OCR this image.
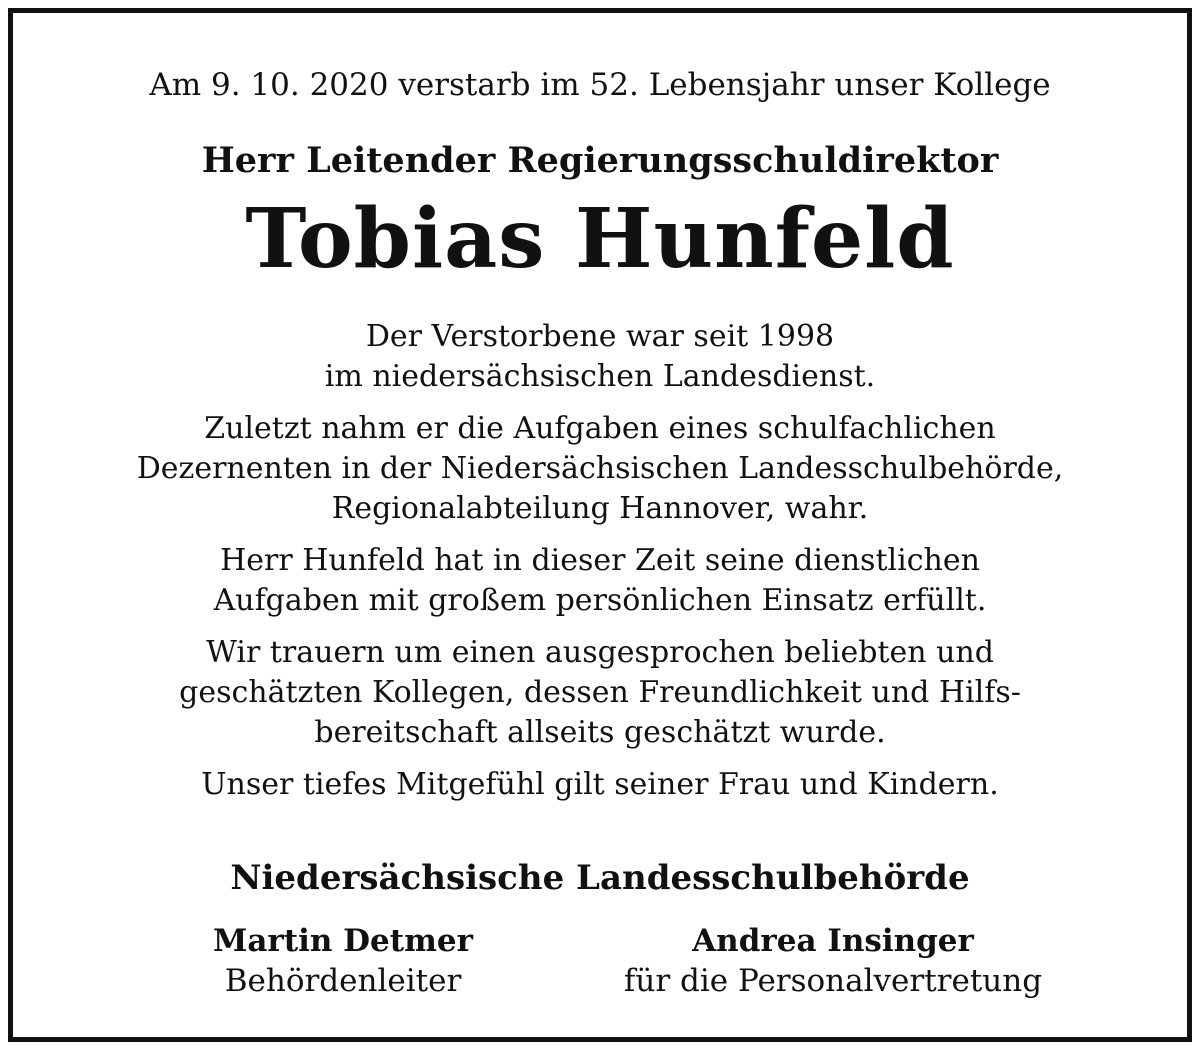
Am 9. 10. 2020 verstarb im 52. Lebensjahr unser Kollege
Herr Leitender Regierungsschuldirektor
Tobias Hunfeld
Der Verstorbene war seit 1998
im niedersächsischen Landesdienst.
Zuletzt nahm er die Aufgaben eines schulfachlichen
Dezernenten in der Niedersächsischen Landesschulbehörde,
Regionalabteilung Hannover, wahr.
Herr Hunfeld hat in dieser Zeit seine dienstlichen
Aufgaben mit großem persönlichen Einsatz erfüllt.
Wir trauern um einen ausgesprochen beliebten und
geschätzten Kollegen, dessen Freundlichkeit und Hilfs-
bereitschaft allseits geschätzt wurde.
Unser tiefes Mitgefühl gilt seiner Frau und Kindern.
Niedersächsische Landesschulbehörde
Martin Detmer
Behördenleiter
Andrea Insinger
für die Personalvertretung
